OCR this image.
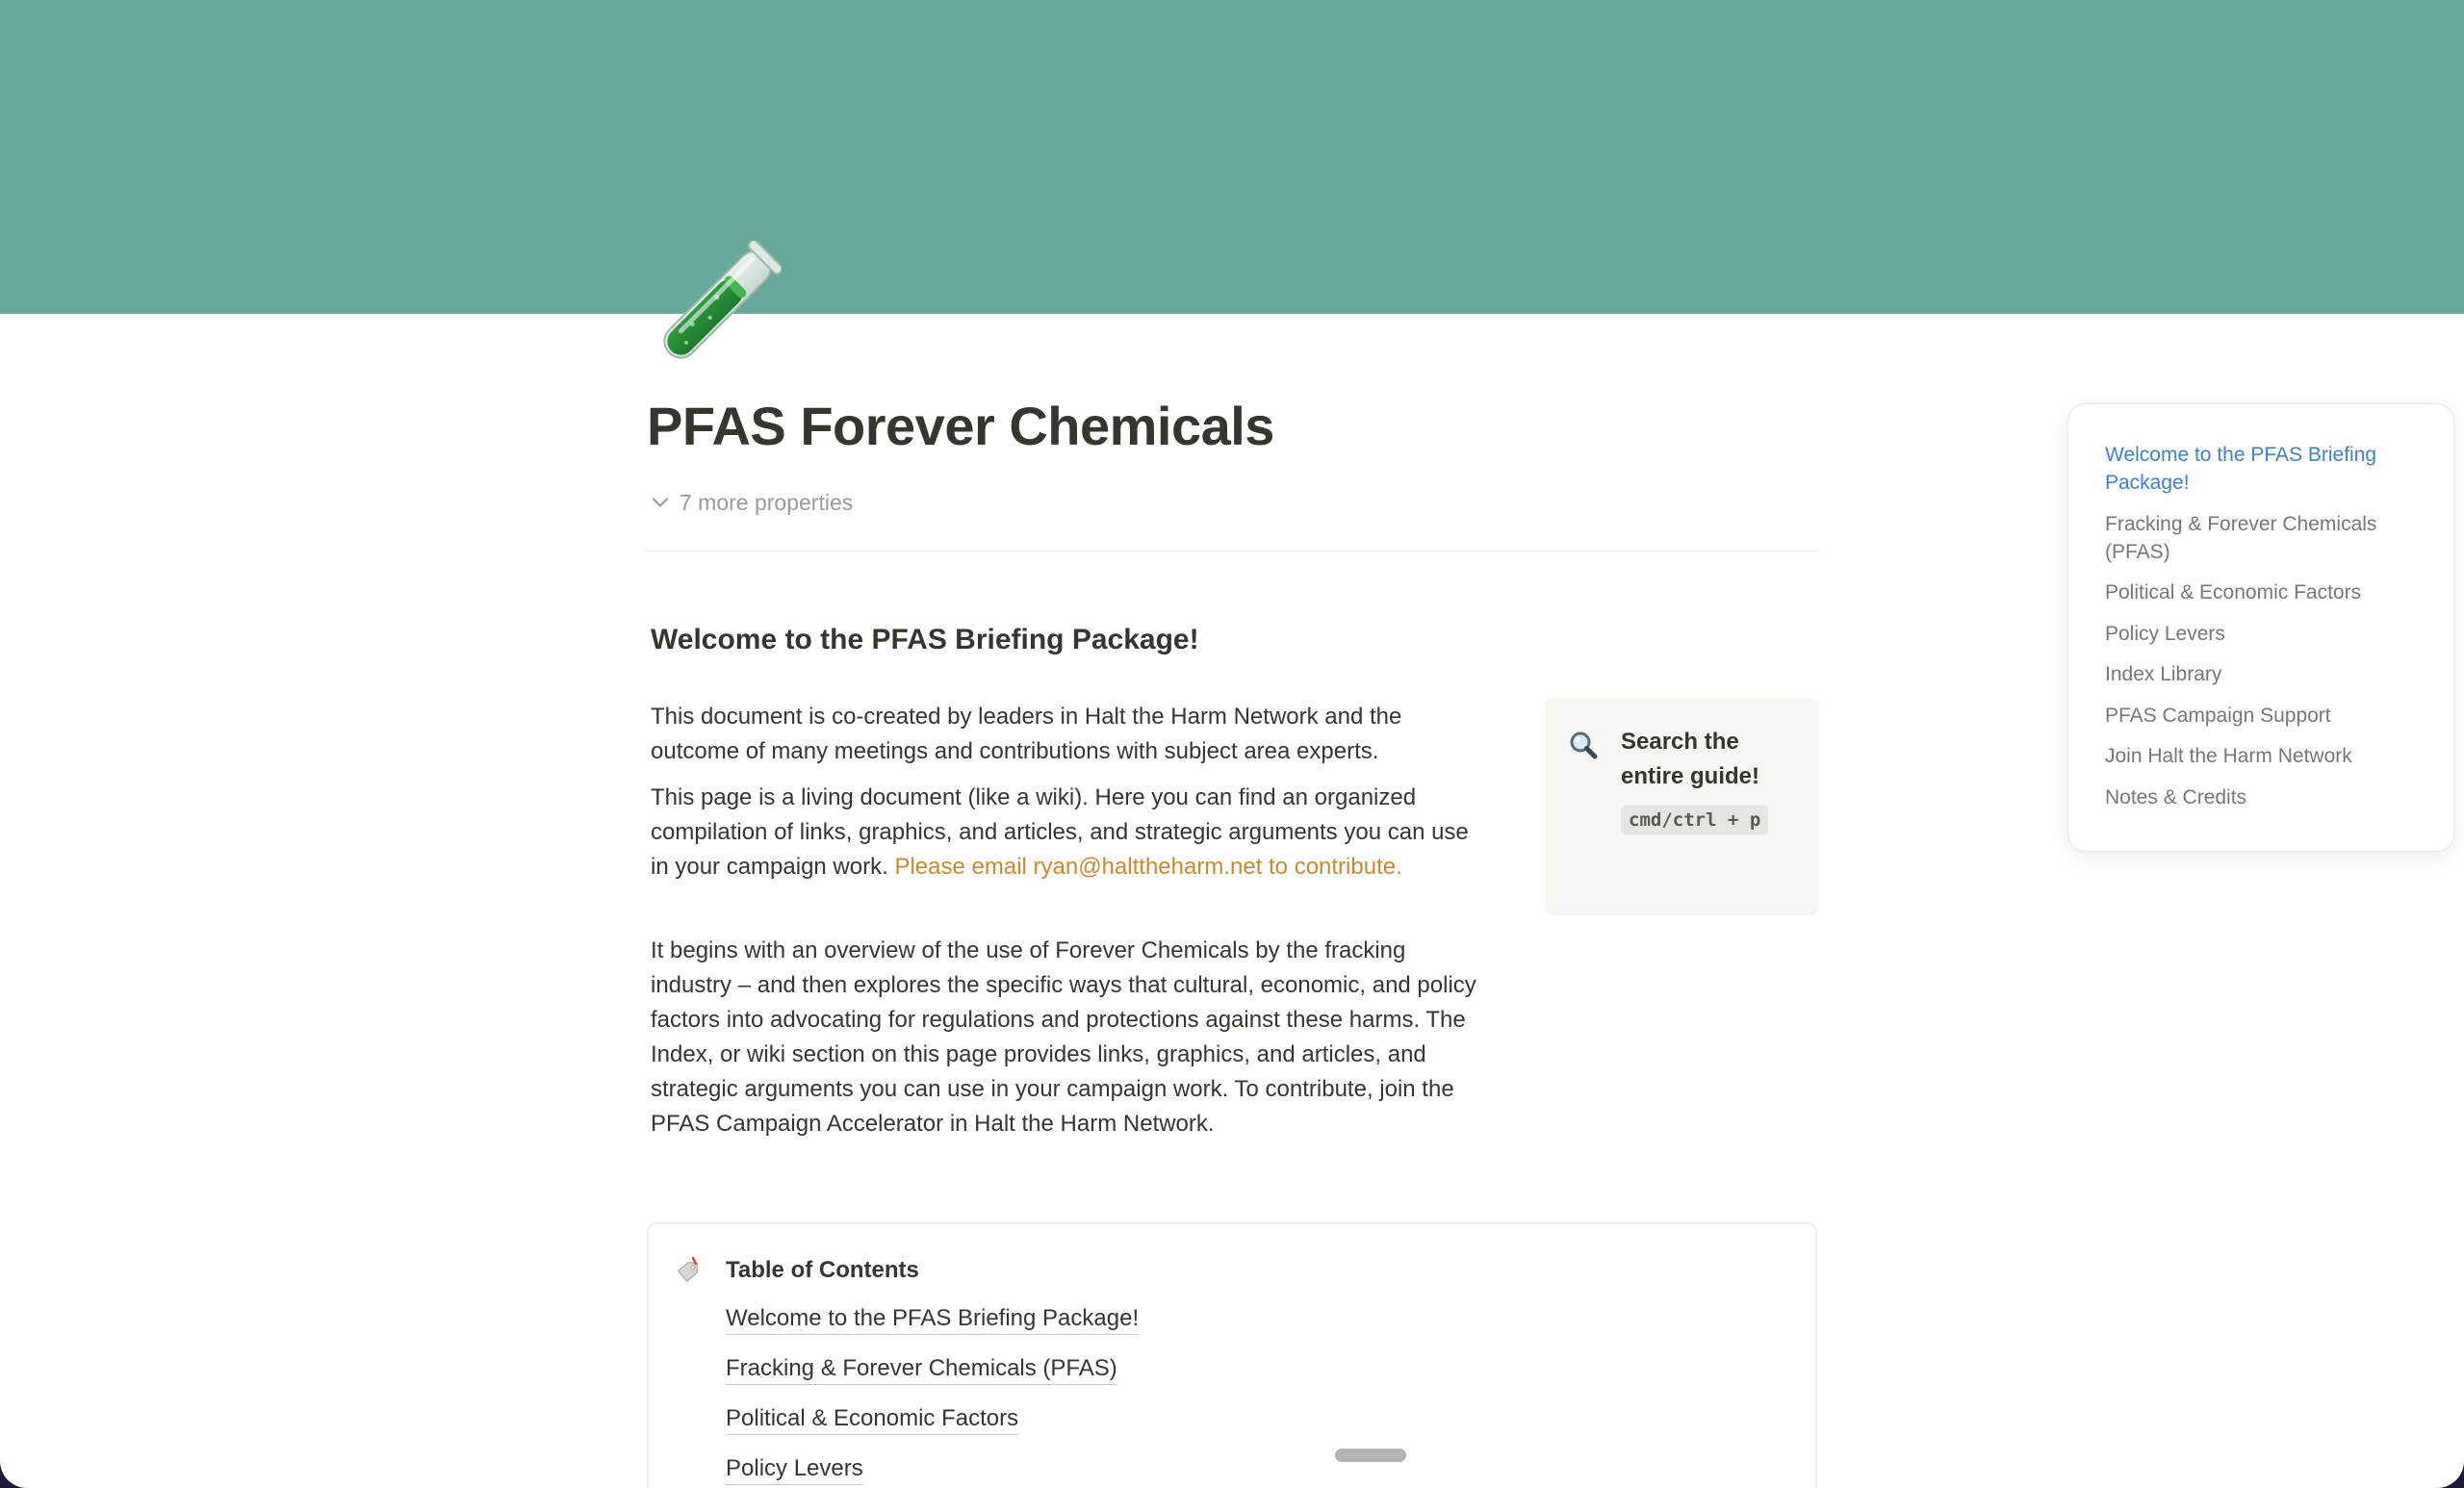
PFAS Forever Chemicals
7 more properties
Welcome to the PFAS Briefing Package!

This document is co-created by leaders in Halt the Harm Network and the outcome of many meetings and contributions with subject area experts.

This page is a living document (like a wiki). Here you can find an organized compilation of links, graphics, and articles, and strategic arguments you can use in your campaign work. Please email ryan@halttheharm.net to contribute.

It begins with an overview of the use of Forever Chemicals by the fracking industry – and then explores the specific ways that cultural, economic, and policy factors into advocating for regulations and protections against these harms. The Index, or wiki section on this page provides links, graphics, and articles, and strategic arguments you can use in your campaign work. To contribute, join the PFAS Campaign Accelerator in Halt the Harm Network.

Search the entire guide!

cmd/ctrl + p
Table of Contents
Welcome to the PFAS Briefing Package!
Fracking & Forever Chemicals (PFAS)
Political & Economic Factors
Policy Levers
Welcome to the PFAS Briefing Package!
Fracking & Forever Chemicals (PFAS)
Political & Economic Factors
Policy Levers
Index Library
PFAS Campaign Support
Join Halt the Harm Network
Notes & Credits
